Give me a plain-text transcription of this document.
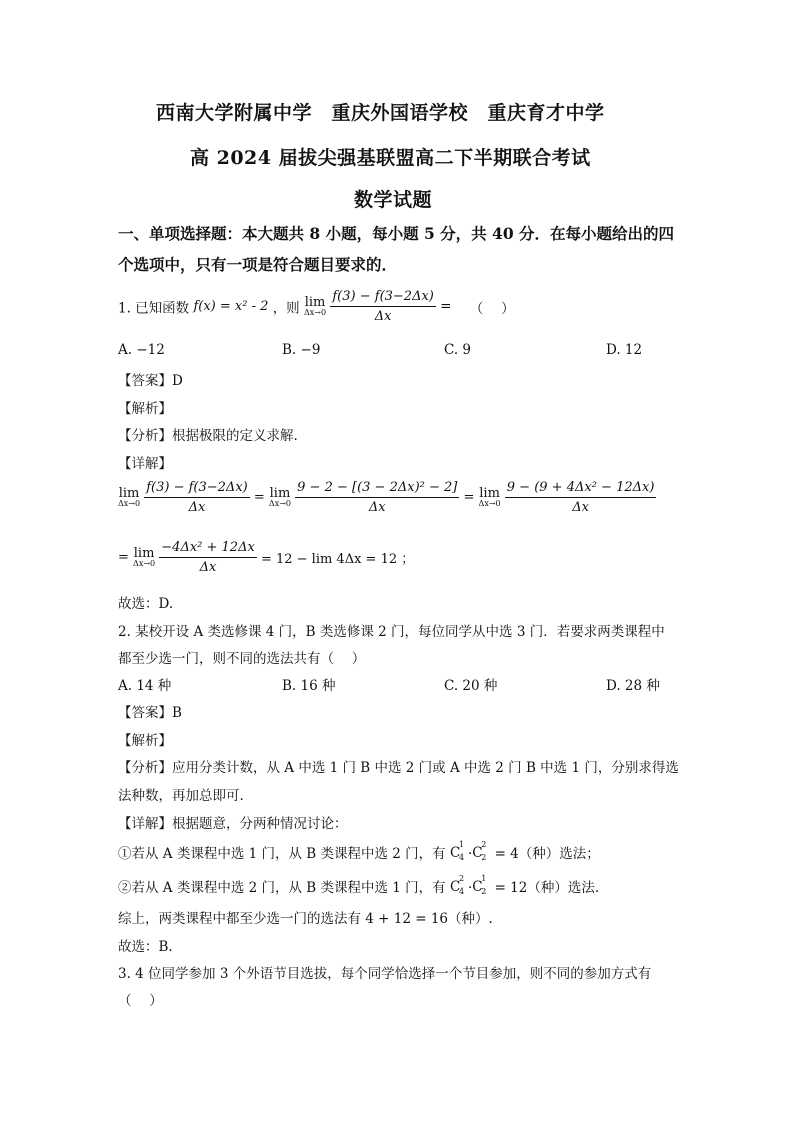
西南大学附属中学　重庆外国语学校　重庆育才中学
高 2024 届拔尖强基联盟高二下半期联合考试
数学试题
一、单项选择题：本大题共 8 小题，每小题 5 分，共 40 分．在每小题给出的四
个选项中，只有一项是符合题目要求的．
1. 已知函数 f(x) = x² - 2 ，则 lim
Δx→0
$\frac{f(3) - f(3-2\Delta x)}{\Delta x}$ = （　 ）
A. −12	B. −9	C. 9	D. 12
【答案】D
【解析】
【分析】根据极限的定义求解.
【详解】
lim
Δx→0
$\frac{f(3) - f(3-2\Delta x)}{\Delta x} = \lim$
Δx→0
$\frac{\text{9 − 2 − [(3 − 2Δx)² − 2]}}{\Delta x} = \lim$
Δx→0
$\frac{\text{9 − (9 + 4Δx² − 12Δx)}}{\Delta x}$
= lim
Δx→0
$\frac{\text{−4Δx² + 12Δx}}{\Delta x} = 12 - \lim 4\Delta x = 12$ ；
故选：D.
2. 某校开设 A 类选修课 4 门，B 类选修课 2 门，每位同学从中选 3 门．若要求两类课程中
都至少选一门，则不同的选法共有（　 ）
A. 14 种	B. 16 种	C. 20 种	D. 28 种
【答案】B
【解析】
【分析】应用分类计数，从 A 中选 1 门 B 中选 2 门或 A 中选 2 门 B 中选 1 门，分别求得选
法种数，再加总即可.
【详解】根据题意，分两种情况讨论：
①若从 A 类课程中选 1 门，从 B 类课程中选 2 门，有 C
1
4 · C
2
2 = 4（种）选法；
②若从 A 类课程中选 2 门，从 B 类课程中选 1 门，有 C
2
4 · C
1
2 = 12（种）选法.
综上，两类课程中都至少选一门的选法有 4 + 12 = 16（种）.
故选：B.
3. 4 位同学参加 3 个外语节目选拔，每个同学恰选择一个节目参加，则不同的参加方式有
（　 ）
